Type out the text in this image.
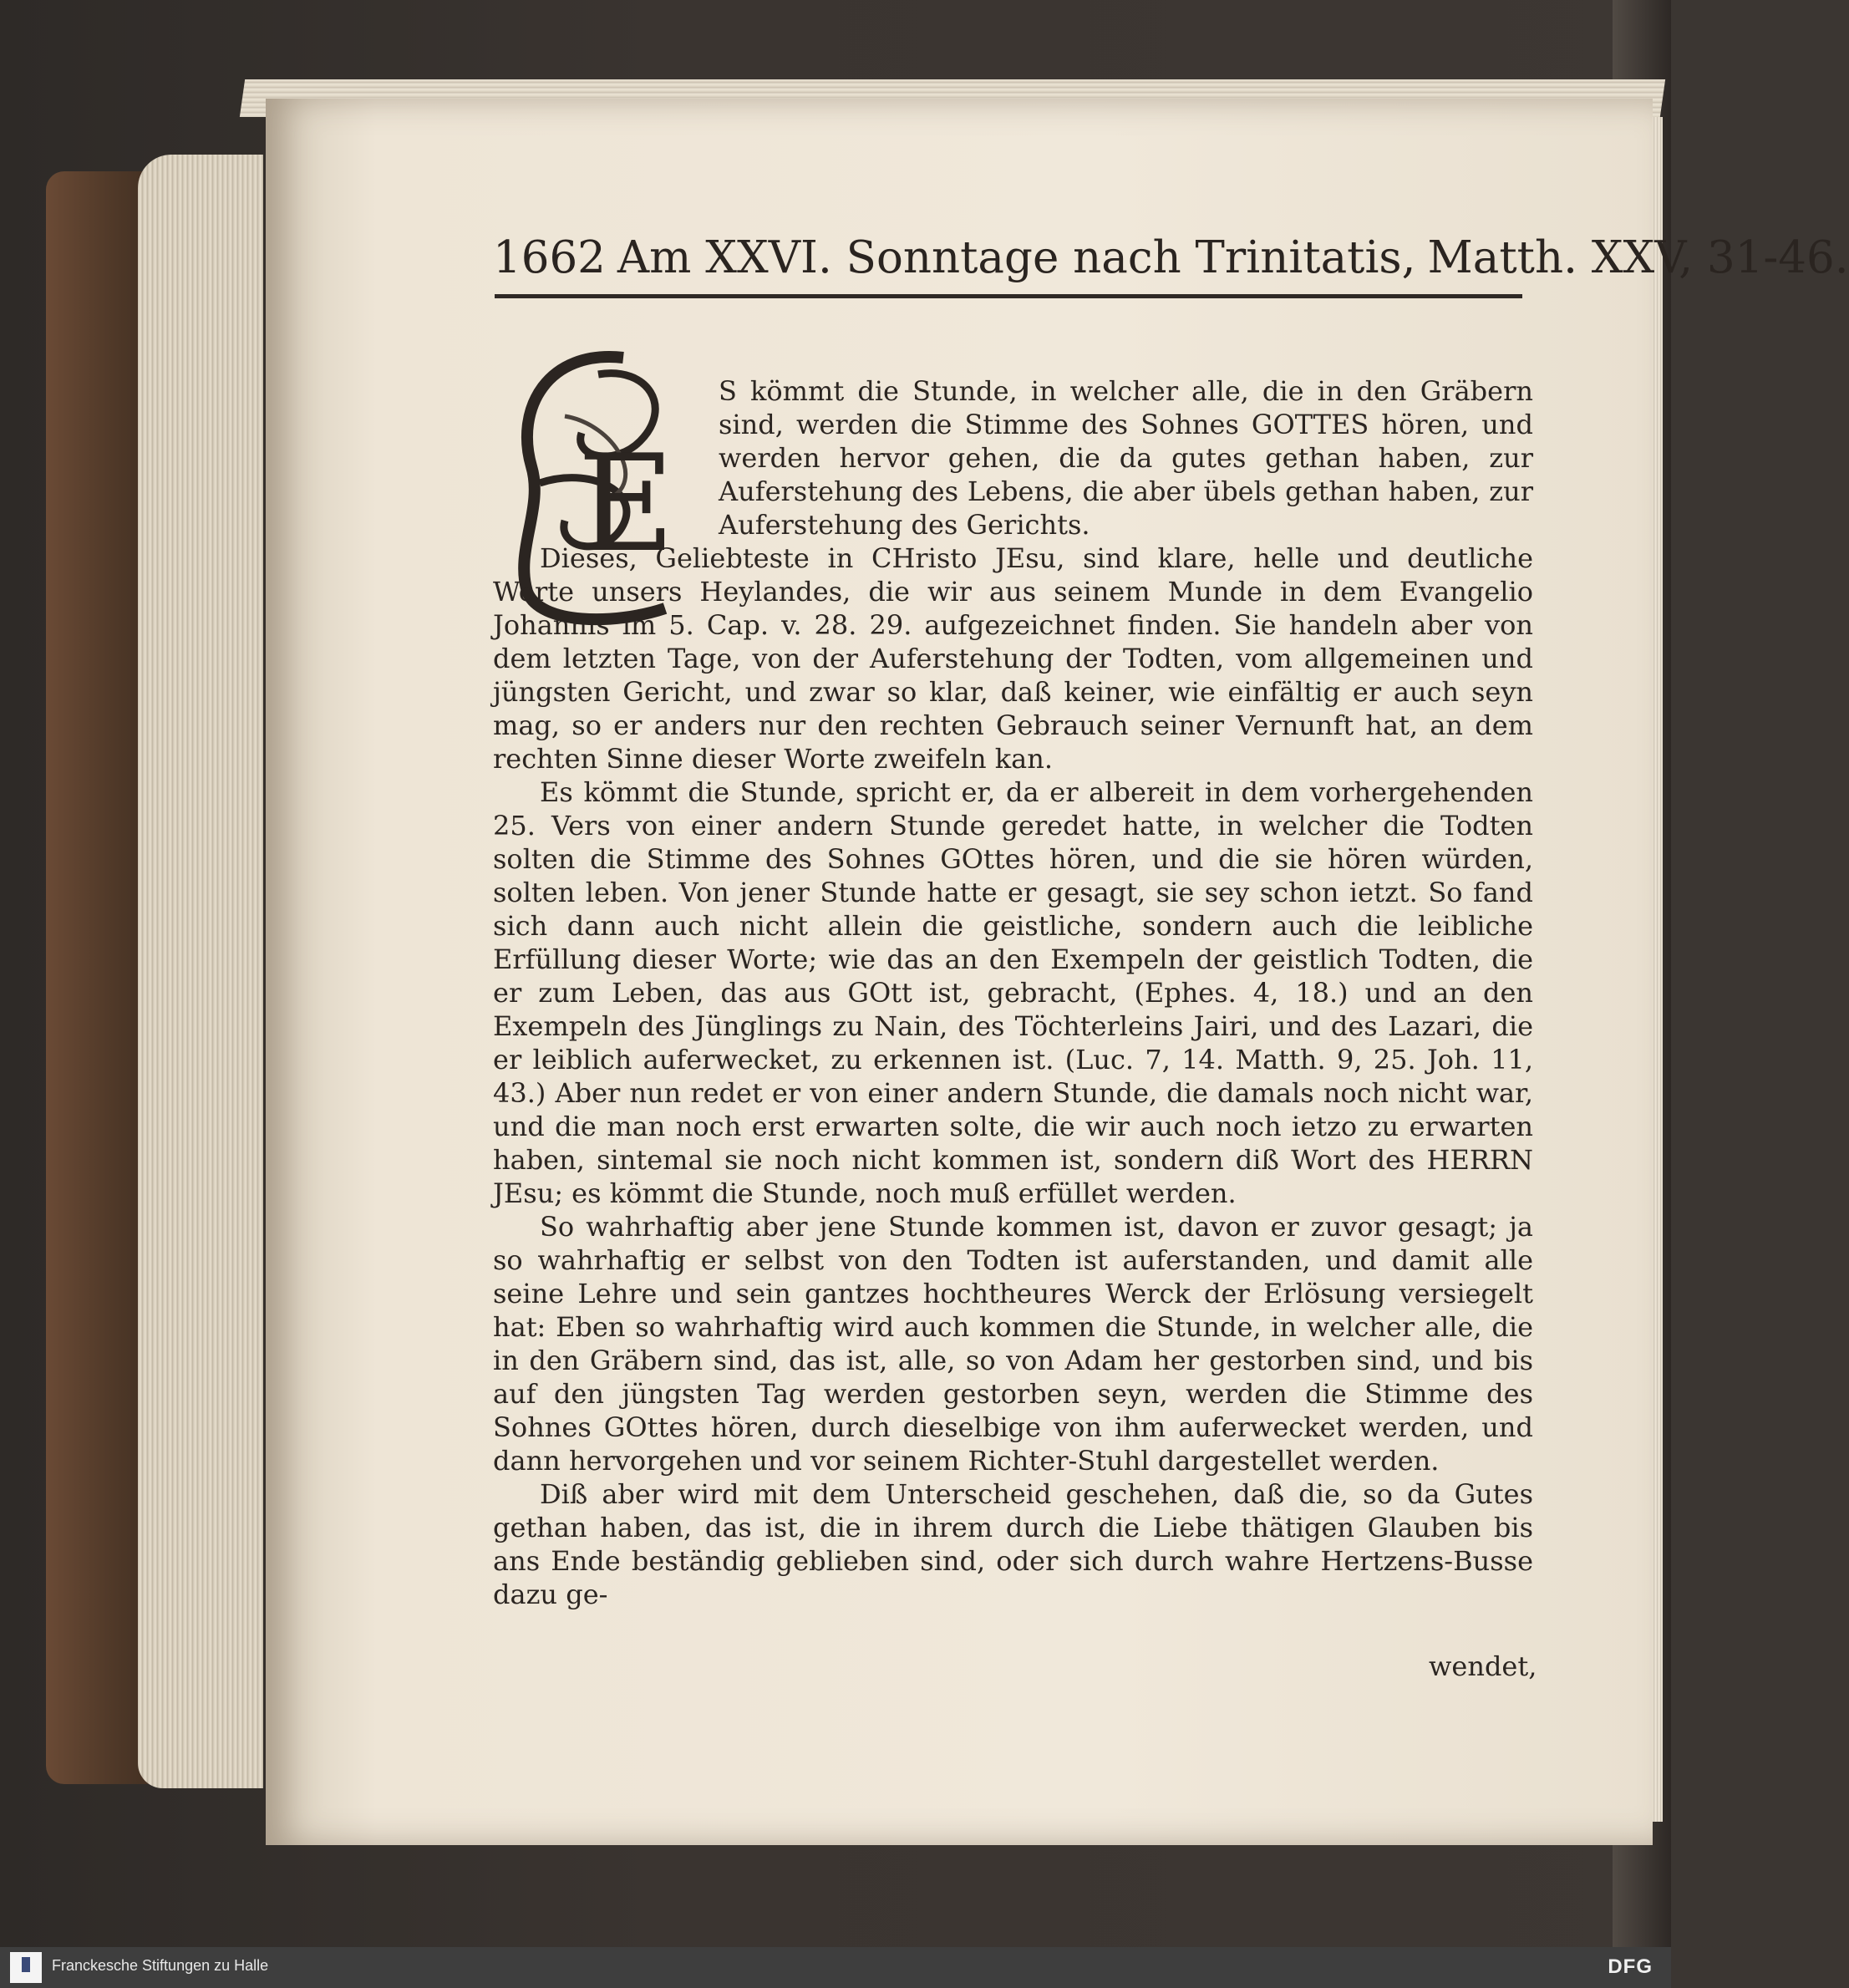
1662 Am XXVI. Sonntage nach Trinitatis, Matth. XXV, 31-46.
E

S kömmt die Stunde, in welcher alle, die in den Gräbern sind, werden die Stimme des Sohnes GOTTES hören, und werden hervor gehen, die da gutes gethan haben, zur Auferstehung des Lebens, die aber übels gethan haben, zur Auferstehung des Gerichts.

Dieses, Geliebteste in CHristo JEsu, sind klare, helle und deutliche Worte unsers Heylandes, die wir aus seinem Munde in dem Evangelio Johannis im 5. Cap. v. 28. 29. aufgezeichnet finden. Sie handeln aber von dem letzten Tage, von der Auferstehung der Todten, vom allgemeinen und jüngsten Gericht, und zwar so klar, daß keiner, wie einfältig er auch seyn mag, so er anders nur den rechten Gebrauch seiner Vernunft hat, an dem rechten Sinne dieser Worte zweifeln kan.

Es kömmt die Stunde, spricht er, da er albereit in dem vorhergehenden 25. Vers von einer andern Stunde geredet hatte, in welcher die Todten solten die Stimme des Sohnes GOttes hören, und die sie hören würden, solten leben. Von jener Stunde hatte er gesagt, sie sey schon ietzt. So fand sich dann auch nicht allein die geistliche, sondern auch die leibliche Erfüllung dieser Worte; wie das an den Exempeln der geistlich Todten, die er zum Leben, das aus GOtt ist, gebracht, (Ephes. 4, 18.) und an den Exempeln des Jünglings zu Nain, des Töchterleins Jairi, und des Lazari, die er leiblich auferwecket, zu erkennen ist. (Luc. 7, 14. Matth. 9, 25. Joh. 11, 43.) Aber nun redet er von einer andern Stunde, die damals noch nicht war, und die man noch erst erwarten solte, die wir auch noch ietzo zu erwarten haben, sintemal sie noch nicht kommen ist, sondern diß Wort des HERRN JEsu; es kömmt die Stunde, noch muß erfüllet werden.

So wahrhaftig aber jene Stunde kommen ist, davon er zuvor gesagt; ja so wahrhaftig er selbst von den Todten ist auferstanden, und damit alle seine Lehre und sein gantzes hochtheures Werck der Erlösung versiegelt hat: Eben so wahrhaftig wird auch kommen die Stunde, in welcher alle, die in den Gräbern sind, das ist, alle, so von Adam her gestorben sind, und bis auf den jüngsten Tag werden gestorben seyn, werden die Stimme des Sohnes GOttes hören, durch dieselbige von ihm auferwecket werden, und dann hervorgehen und vor seinem Richter-Stuhl dargestellet werden.

Diß aber wird mit dem Unterscheid geschehen, daß die, so da Gutes gethan haben, das ist, die in ihrem durch die Liebe thätigen Glauben bis ans Ende beständig geblieben sind, oder sich durch wahre Hertzens-Busse dazu ge-

wendet,
Franckesche Stiftungen zu Halle	DFG
